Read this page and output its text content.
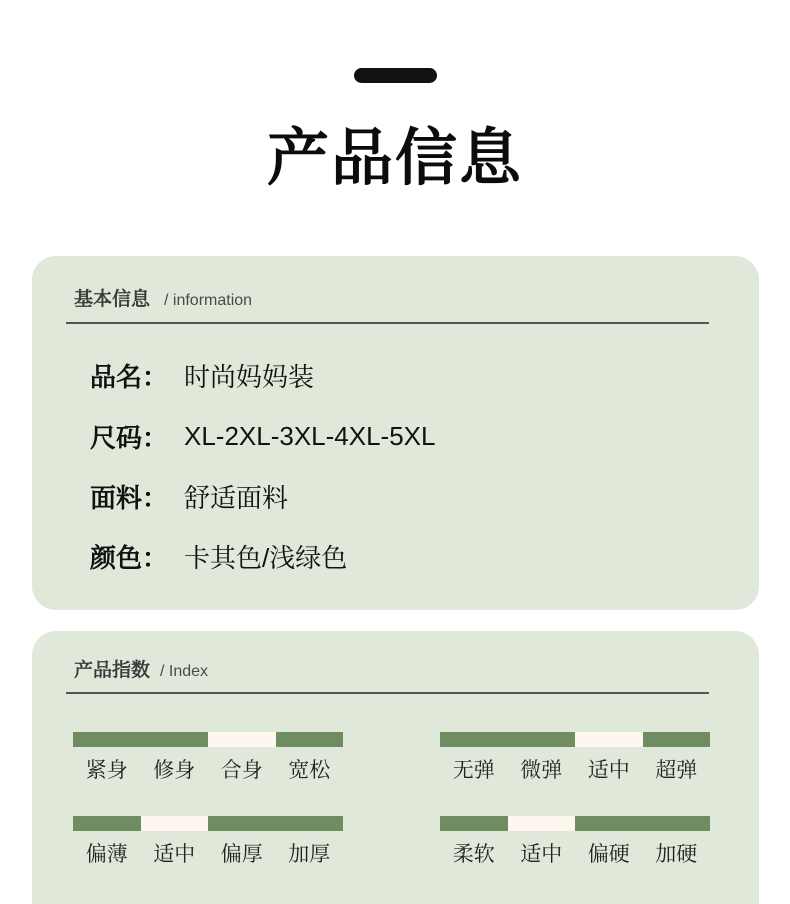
产品信息
基本信息 / information
品名： 时尚妈妈装
尺码： XL-2XL-3XL-4XL-5XL
面料： 舒适面料
颜色： 卡其色/浅绿色
产品指数 / Index
紧身	修身	合身	宽松	无弹	微弹	适中	超弹
偏薄	适中	偏厚	加厚	柔软	适中	偏硬	加硬
